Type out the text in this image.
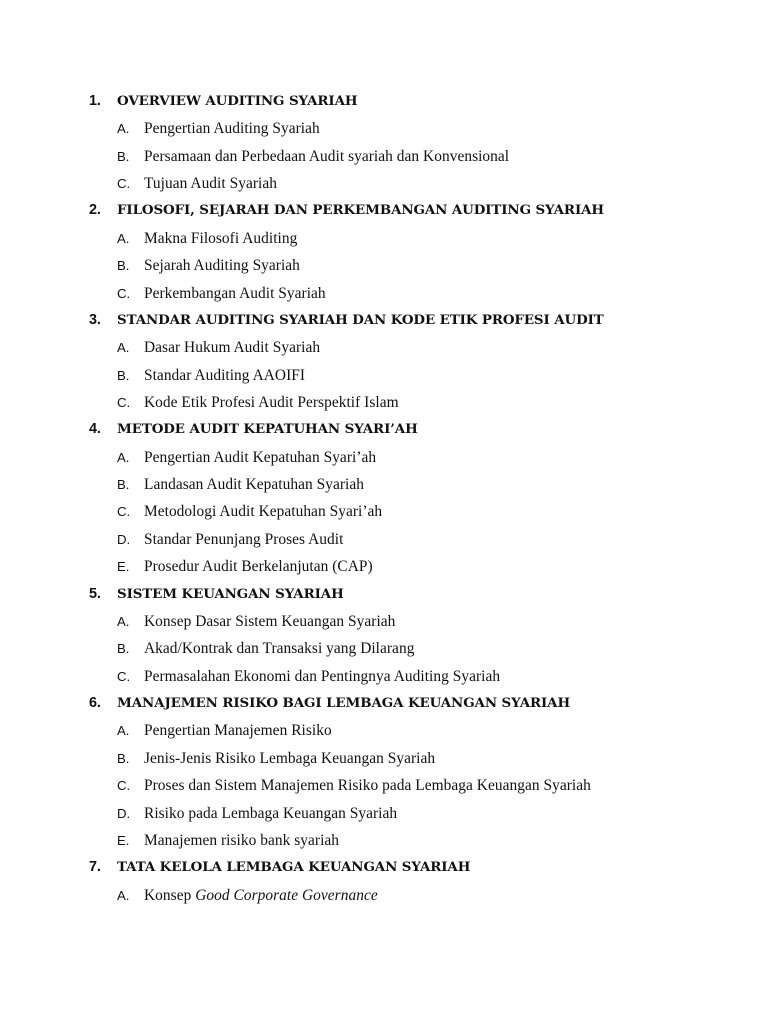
1.	OVERVIEW AUDITING SYARIAH
A. Pengertian Auditing Syariah
B. Persamaan dan Perbedaan Audit syariah dan Konvensional
C. Tujuan Audit Syariah
2.	FILOSOFI, SEJARAH DAN PERKEMBANGAN AUDITING SYARIAH
A. Makna Filosofi Auditing
B. Sejarah Auditing Syariah
C. Perkembangan Audit Syariah
3.	STANDAR AUDITING SYARIAH DAN KODE ETIK PROFESI AUDIT
A. Dasar Hukum Audit Syariah
B. Standar Auditing AAOIFI
C. Kode Etik Profesi Audit Perspektif Islam
4.	METODE AUDIT KEPATUHAN SYARI’AH
A. Pengertian Audit Kepatuhan Syari’ah
B. Landasan Audit Kepatuhan Syariah
C. Metodologi Audit Kepatuhan Syari’ah
D. Standar Penunjang Proses Audit
E. Prosedur Audit Berkelanjutan (CAP)
5.	SISTEM KEUANGAN SYARIAH
A. Konsep Dasar Sistem Keuangan Syariah
B. Akad/Kontrak dan Transaksi yang Dilarang
C. Permasalahan Ekonomi dan Pentingnya Auditing Syariah
6.	MANAJEMEN RISIKO BAGI LEMBAGA KEUANGAN SYARIAH
A. Pengertian Manajemen Risiko
B. Jenis-Jenis Risiko Lembaga Keuangan Syariah
C. Proses dan Sistem Manajemen Risiko pada Lembaga Keuangan Syariah
D. Risiko pada Lembaga Keuangan Syariah
E. Manajemen risiko bank syariah
7.	TATA KELOLA LEMBAGA KEUANGAN SYARIAH
A. Konsep Good Corporate Governance
